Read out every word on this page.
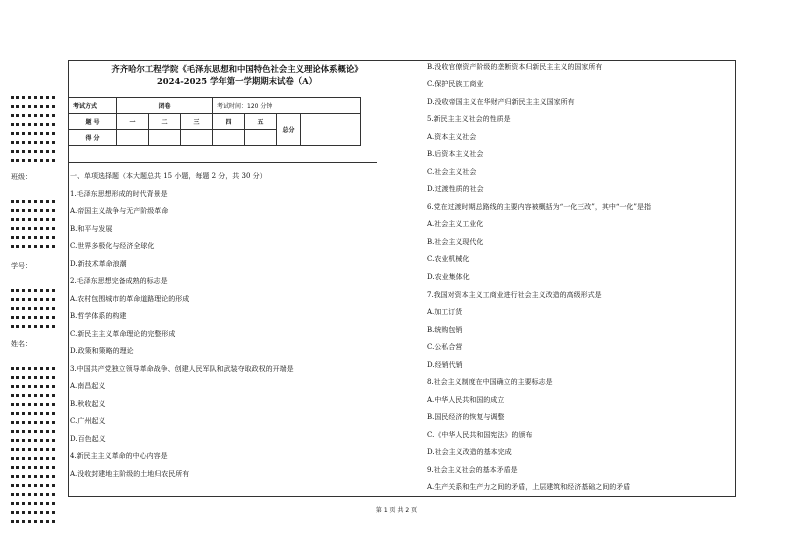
班级：
学号：
姓名：
齐齐哈尔工程学院《毛泽东思想和中国特色社会主义理论体系概论》
2024-2025 学年第一学期期末试卷（A）
考试方式	闭卷			考试时间：120 分钟			
题 号	一	二	三	四	五	总分	
得 分							
一、单项选择题（本大题总共 15 小题，每题 2 分，共 30 分）
1.毛泽东思想形成的时代背景是
A.帝国主义战争与无产阶级革命
B.和平与发展
C.世界多极化与经济全球化
D.新技术革命浪潮
2.毛泽东思想完备成熟的标志是
A.农村包围城市的革命道路理论的形成
B.哲学体系的构建
C.新民主主义革命理论的完整形成
D.政策和策略的理论
3.中国共产党独立领导革命战争、创建人民军队和武装夺取政权的开端是
A.南昌起义
B.秋收起义
C.广州起义
D.百色起义
4.新民主主义革命的中心内容是
A.没收封建地主阶级的土地归农民所有
B.没收官僚资产阶级的垄断资本归新民主主义的国家所有
C.保护民族工商业
D.没收帝国主义在华财产归新民主主义国家所有
5.新民主主义社会的性质是
A.资本主义社会
B.后资本主义社会
C.社会主义社会
D.过渡性质的社会
6.党在过渡时期总路线的主要内容被概括为“一化三改”，其中“一化”是指
A.社会主义工业化
B.社会主义现代化
C.农业机械化
D.农业集体化
7.我国对资本主义工商业进行社会主义改造的高级形式是
A.加工订货
B.统购包销
C.公私合营
D.经销代销
8.社会主义制度在中国确立的主要标志是
A.中华人民共和国的成立
B.国民经济的恢复与调整
C.《中华人民共和国宪法》的颁布
D.社会主义改造的基本完成
9.社会主义社会的基本矛盾是
A.生产关系和生产力之间的矛盾，上层建筑和经济基础之间的矛盾
第 1 页 共 2 页
